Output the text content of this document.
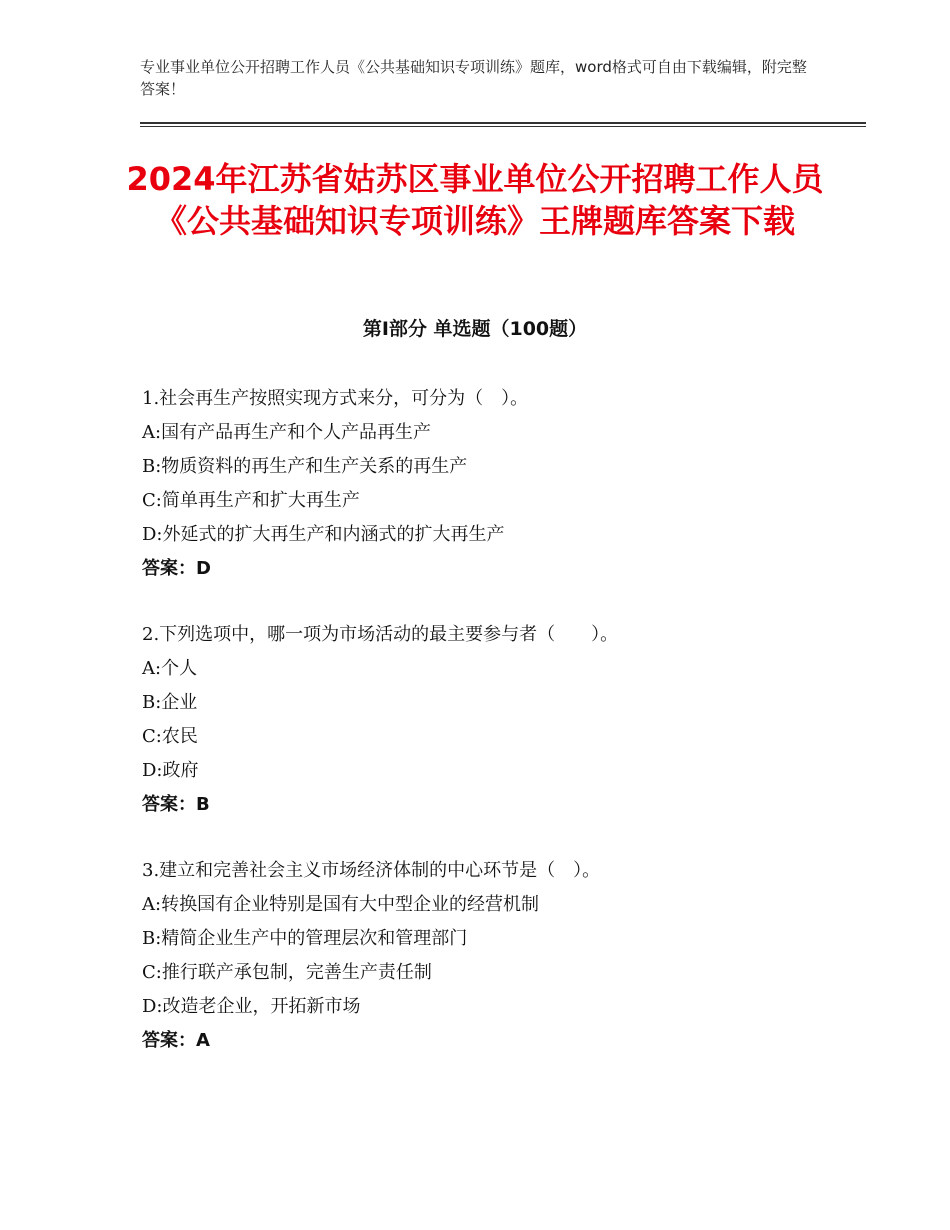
专业事业单位公开招聘工作人员《公共基础知识专项训练》题库，word格式可自由下载编辑，附完整答案！
2024年江苏省姑苏区事业单位公开招聘工作人员《公共基础知识专项训练》王牌题库答案下载
第Ⅰ部分 单选题（100题）
1.社会再生产按照实现方式来分，可分为（　）。
A:国有产品再生产和个人产品再生产
B:物质资料的再生产和生产关系的再生产
C:简单再生产和扩大再生产
D:外延式的扩大再生产和内涵式的扩大再生产
答案：D
2.下列选项中，哪一项为市场活动的最主要参与者（　　）。
A:个人
B:企业
C:农民
D:政府
答案：B
3.建立和完善社会主义市场经济体制的中心环节是（　）。
A:转换国有企业特别是国有大中型企业的经营机制
B:精简企业生产中的管理层次和管理部门
C:推行联产承包制，完善生产责任制
D:改造老企业，开拓新市场
答案：A
